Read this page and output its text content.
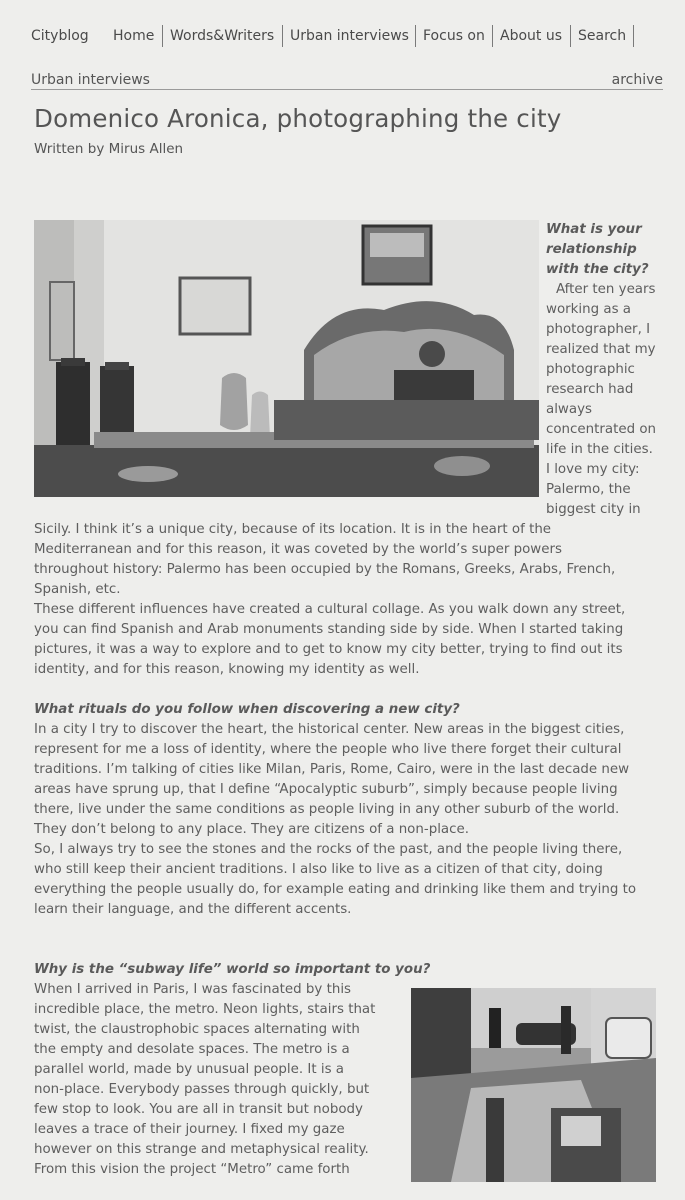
Cityblog Home Words&Writers Urban interviews Focus on About us Search
Urban interviews	archive
Domenico Aronica, photographing the city
Written by Mirus Allen
What is your
relationship
with the city?
After ten years
working as a
photographer, I
realized that my
photographic
research had
always
concentrated on
life in the cities.
I love my city:
Palermo, the
biggest city in
Sicily. I think it’s a unique city, because of its location. It is in the heart of the
Mediterranean and for this reason, it was coveted by the world’s super powers
throughout history: Palermo has been occupied by the Romans, Greeks, Arabs, French,
Spanish, etc.
These different influences have created a cultural collage. As you walk down any street,
you can find Spanish and Arab monuments standing side by side. When I started taking
pictures, it was a way to explore and to get to know my city better, trying to find out its
identity, and for this reason, knowing my identity as well.
What rituals do you follow when discovering a new city?
In a city I try to discover the heart, the historical center. New areas in the biggest cities,
represent for me a loss of identity, where the people who live there forget their cultural
traditions. I’m talking of cities like Milan, Paris, Rome, Cairo, were in the last decade new
areas have sprung up, that I define “Apocalyptic suburb”, simply because people living
there, live under the same conditions as people living in any other suburb of the world.
They don’t belong to any place. They are citizens of a non-place.
So, I always try to see the stones and the rocks of the past, and the people living there,
who still keep their ancient traditions. I also like to live as a citizen of that city, doing
everything the people usually do, for example eating and drinking like them and trying to
learn their language, and the different accents.
Why is the “subway life” world so important to you?
When I arrived in Paris, I was fascinated by this
incredible place, the metro. Neon lights, stairs that
twist, the claustrophobic spaces alternating with
the empty and desolate spaces. The metro is a
parallel world, made by unusual people. It is a
non-place. Everybody passes through quickly, but
few stop to look. You are all in transit but nobody
leaves a trace of their journey. I fixed my gaze
however on this strange and metaphysical reality.
From this vision the project “Metro” came forth
